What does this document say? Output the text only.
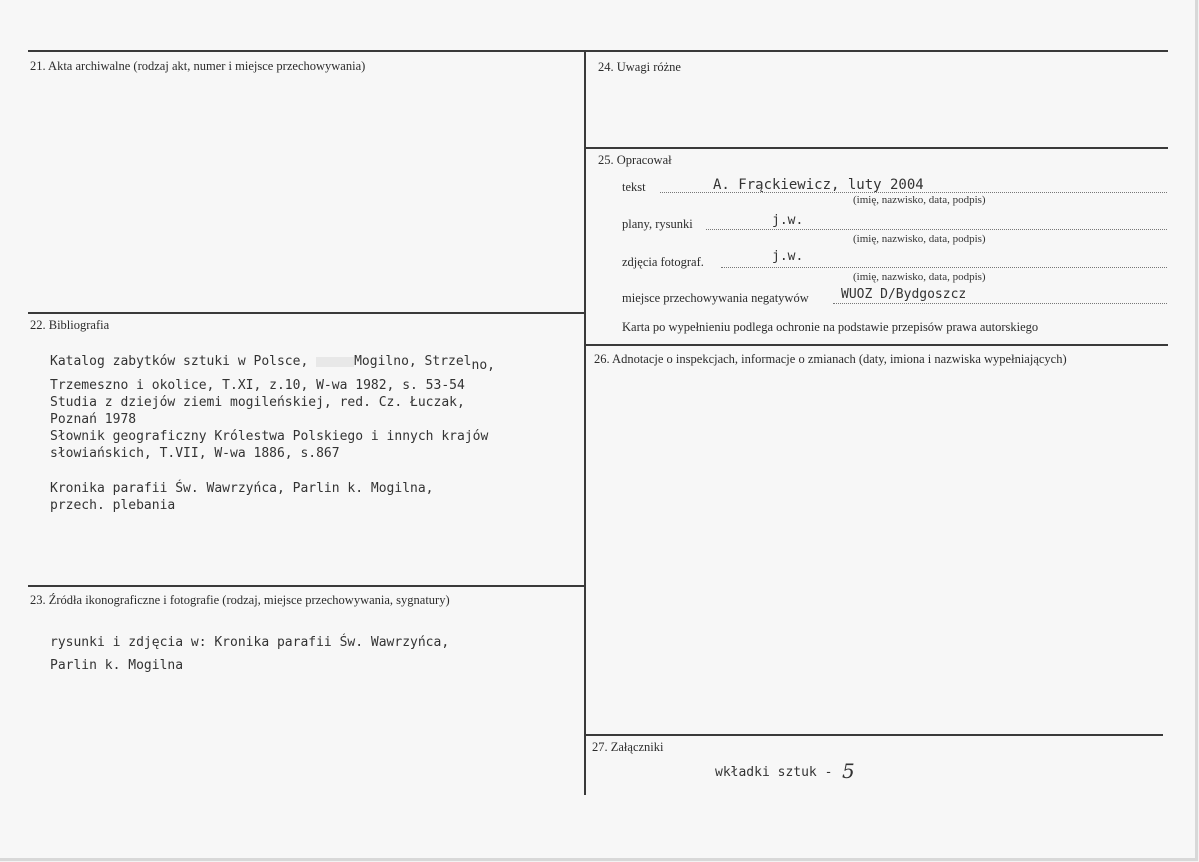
21. Akta archiwalne (rodzaj akt, numer i miejsce przechowywania)
22. Bibliografia
Katalog zabytków sztuki w Polsce,	Mogilno, Strzelno,
Trzemeszno i okolice, T.XI, z.10, W-wa 1982, s. 53-54
Studia z dziejów ziemi mogileńskiej, red. Cz. Łuczak,
Poznań 1978
Słownik geograficzny Królestwa Polskiego i innych krajów
słowiańskich, T.VII, W-wa 1886, s.867
Kronika parafii Św. Wawrzyńca, Parlin k. Mogilna,
przech. plebania
23. Źródła ikonograficzne i fotografie (rodzaj, miejsce przechowywania, sygnatury)
rysunki i zdjęcia w: Kronika parafii Św. Wawrzyńca,
Parlin k. Mogilna
24. Uwagi różne
25. Opracował
tekst	A. Frąckiewicz, luty 2004
(imię, nazwisko, data, podpis)
plany, rysunki	j.w.
(imię, nazwisko, data, podpis)
zdjęcia fotograf.	j.w.
(imię, nazwisko, data, podpis)
miejsce przechowywania negatywów WUOZ D/Bydgoszcz
Karta po wypełnieniu podlega ochronie na podstawie przepisów prawa autorskiego
26. Adnotacje o inspekcjach, informacje o zmianach (daty, imiona i nazwiska wypełniających)
27. Załączniki
wkładki sztuk - 5
